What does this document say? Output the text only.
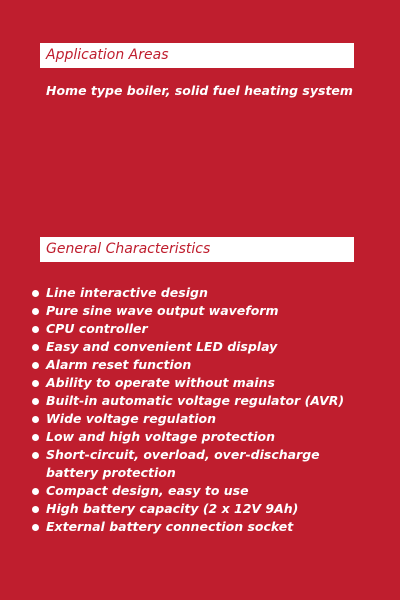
Application Areas
Home type boiler, solid fuel heating system
General Characteristics
Line interactive design
Pure sine wave output waveform
CPU controller
Easy and convenient LED display
Alarm reset function
Ability to operate without mains
Built-in automatic voltage regulator (AVR)
Wide voltage regulation
Low and high voltage protection
Short-circuit, overload, over-discharge
battery protection
Compact design, easy to use
High battery capacity (2 x 12V 9Ah)
External battery connection socket
